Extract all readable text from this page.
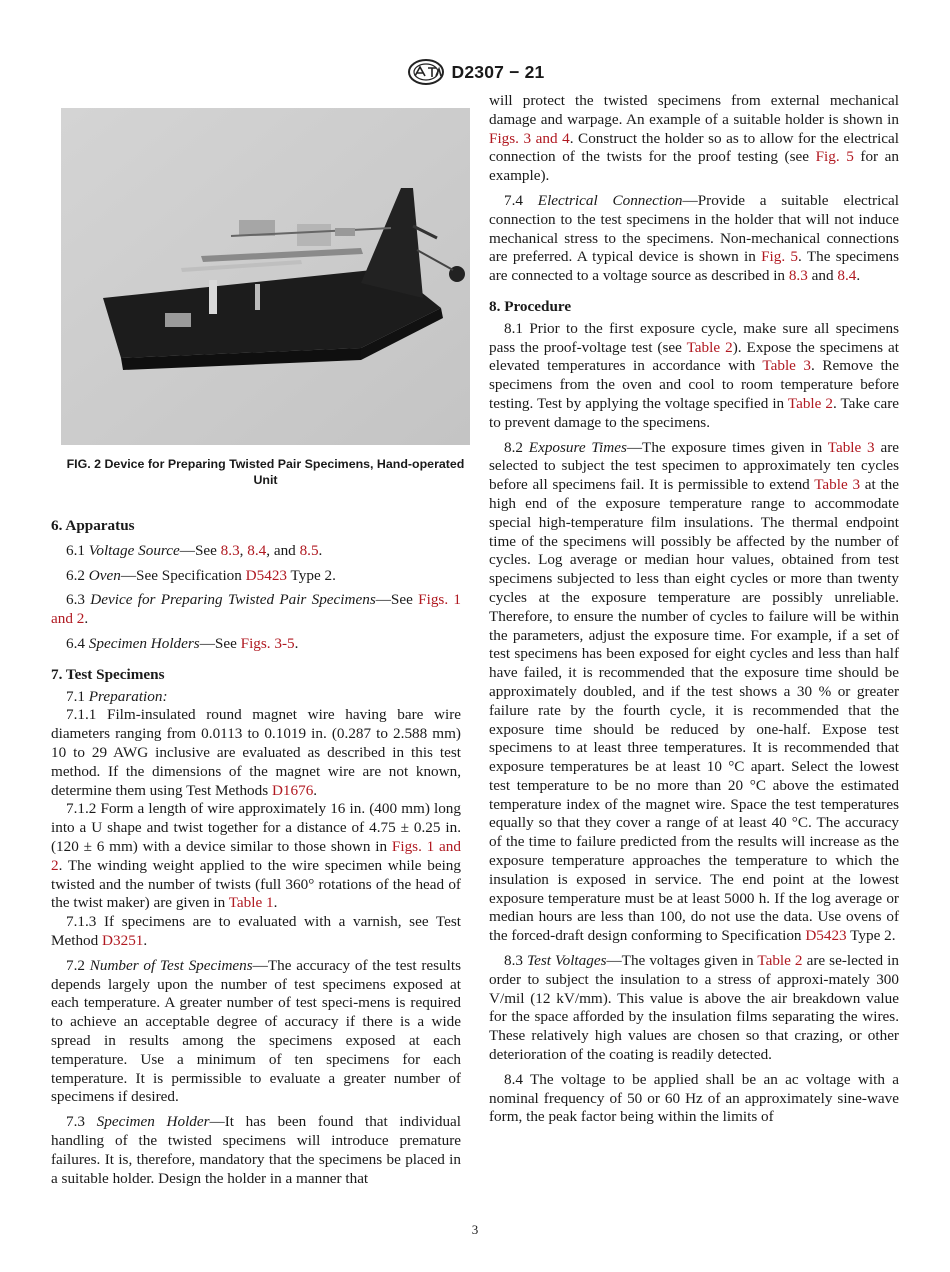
D2307 − 21
FIG. 2 Device for Preparing Twisted Pair Specimens, Hand-operated Unit
6. Apparatus

6.1 Voltage Source—See 8.3, 8.4, and 8.5.

6.2 Oven—See Specification D5423 Type 2.

6.3 Device for Preparing Twisted Pair Specimens—See Figs. 1 and 2.

6.4 Specimen Holders—See Figs. 3-5.

7. Test Specimens

7.1 Preparation:

7.1.1 Film-insulated round magnet wire having bare wire diameters ranging from 0.0113 to 0.1019 in. (0.287 to 2.588 mm) 10 to 29 AWG inclusive are evaluated as described in this test method. If the dimensions of the magnet wire are not known, determine them using Test Methods D1676.

7.1.2 Form a length of wire approximately 16 in. (400 mm) long into a U shape and twist together for a distance of 4.75 ± 0.25 in. (120 ± 6 mm) with a device similar to those shown in Figs. 1 and 2. The winding weight applied to the wire specimen while being twisted and the number of twists (full 360° rotations of the head of the twist maker) are given in Table 1.

7.1.3 If specimens are to evaluated with a varnish, see Test Method D3251.

7.2 Number of Test Specimens—The accuracy of the test results depends largely upon the number of test specimens exposed at each temperature. A greater number of test speci-mens is required to achieve an acceptable degree of accuracy if there is a wide spread in results among the specimens exposed at each temperature. Use a minimum of ten specimens for each temperature. It is permissible to evaluate a greater number of specimens if desired.

7.3 Specimen Holder—It has been found that individual handling of the twisted specimens will introduce premature failures. It is, therefore, mandatory that the specimens be placed in a suitable holder. Design the holder in a manner that

will protect the twisted specimens from external mechanical damage and warpage. An example of a suitable holder is shown in Figs. 3 and 4. Construct the holder so as to allow for the electrical connection of the twists for the proof testing (see Fig. 5 for an example).

7.4 Electrical Connection—Provide a suitable electrical connection to the test specimens in the holder that will not induce mechanical stress to the specimens. Non-mechanical connections are preferred. A typical device is shown in Fig. 5. The specimens are connected to a voltage source as described in 8.3 and 8.4.

8. Procedure

8.1 Prior to the first exposure cycle, make sure all specimens pass the proof-voltage test (see Table 2). Expose the specimens at elevated temperatures in accordance with Table 3. Remove the specimens from the oven and cool to room temperature before testing. Test by applying the voltage specified in Table 2. Take care to prevent damage to the specimens.

8.2 Exposure Times—The exposure times given in Table 3 are selected to subject the test specimen to approximately ten cycles before all specimens fail. It is permissible to extend Table 3 at the high end of the exposure temperature range to accommodate special high-temperature film insulations. The thermal endpoint time of the specimens will possibly be affected by the number of cycles. Log average or median hour values, obtained from test specimens subjected to less than eight cycles or more than twenty cycles at the exposure temperature are possibly unreliable. Therefore, to ensure the number of cycles to failure will be within the parameters, adjust the exposure time. For example, if a set of test specimens has been exposed for eight cycles and less than half have failed, it is recommended that the exposure time should be approximately doubled, and if the test shows a 30 % or greater failure rate by the fourth cycle, it is recommended that the exposure time should be reduced by one-half. Expose test specimens to at least three temperatures. It is recommended that exposure temperatures be at least 10 °C apart. Select the lowest test temperature to be no more than 20 °C above the estimated temperature index of the magnet wire. Space the test temperatures equally so that they cover a range of at least 40 °C. The accuracy of the time to failure predicted from the results will increase as the exposure temperature approaches the temperature to which the insulation is exposed in service. The end point at the lowest exposure temperature must be at least 5000 h. If the log average or median hours are less than 100, do not use the data. Use ovens of the forced-draft design conforming to Specification D5423 Type 2.

8.3 Test Voltages—The voltages given in Table 2 are se-lected in order to subject the insulation to a stress of approxi-mately 300 V/mil (12 kV/mm). This value is above the air breakdown value for the space afforded by the insulation films separating the wires. These relatively high values are chosen so that crazing, or other deterioration of the coating is readily detected.

8.4 The voltage to be applied shall be an ac voltage with a nominal frequency of 50 or 60 Hz of an approximately sine-wave form, the peak factor being within the limits of

3
